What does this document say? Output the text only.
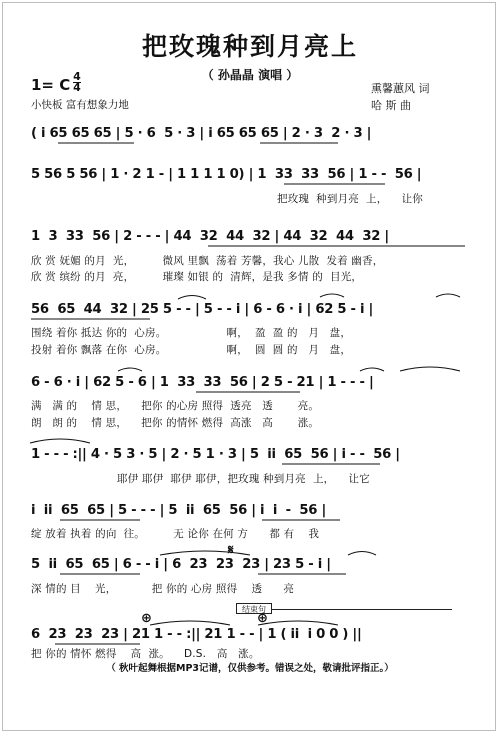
把玫瑰种到月亮上
（ 孙晶晶 演唱 ）
1= C 4
4
小快板 富有想象力地
熏馨蕙风 词
哈 斯 曲
( i 65 65 65 | 5 · 6  5 · 3 | i 65 65 65 | 2 · 3  2 · 3 |
5 56 5 56 | 1 · 2 1 - | 1 1 1 1 0) | 1  33  33  56 | 1 - -  56 |
把玫瑰  种到月亮  上，    让你
1  3  33  56 | 2 - - - | 44  32  44  32 | 44  32  44  32 |
欣 赏 妩媚 的月  光，        微风 里飘  荡着 芳馨，我心 儿散  发着 幽香，
欣 赏 缤纷 的月  亮，        璀璨 如银 的  清辉，是我 多情 的  目光，
56  65  44  32 | 25 5 - - | 5 - - i | 6 - 6 · i | 62 5 - i |
围绕 着你 抵达 你的  心房。                 啊，  盈  盈 的   月   盘，
投射 着你 飘落 在你  心房。                 啊，  圆  圆 的   月   盘，
6 - 6 · i | 62 5 - 6 | 1  33  33  56 | 2 5 - 21 | 1 - - - |
满   满 的    情 思，    把你 的心房 照得  透亮   透       亮。
朗   朗 的    情 思，    把你 的情怀 燃得  高涨   高       涨。
1 - - - :|| 4 · 5 3 · 5 | 2 · 5 1 · 3 | 5  ii  65  56 | i - -  56 |
耶伊 耶伊  耶伊 耶伊，把玫瑰 种到月亮  上，    让它
i  ii  65  65 | 5 - - - | 5  ii  65  56 | i  i  -  56 |
绽 放着 执着 的向  往。        无 论你 在何 方      都 有    我
5  ii  65  65 | 6 - - i | 6  23  23  23 | 23 5 - i |
深 情的 目    光，          把 你的 心房 照得    透      亮
结束句
6  23  23  23 | 21 1 - - :|| 21 1 - - | 1 ( ii  i 0 0 ) ||
把 你的 情怀 燃得    高  涨。    D.S.   高   涨。
𝄋
⊕	⊕
（ 秋叶起舞根据MP3记谱，仅供参考。错误之处，敬请批评指正。）
